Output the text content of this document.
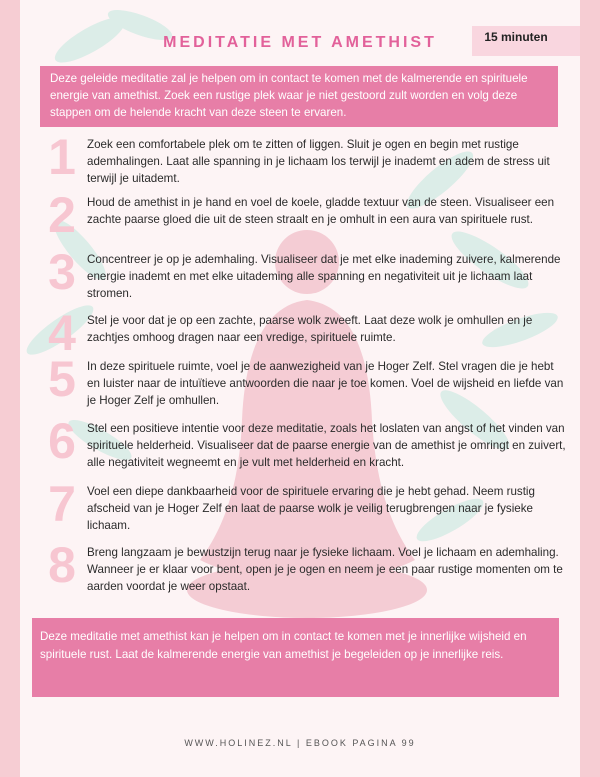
MEDITATIE MET AMETHIST	15 minuten
Deze geleide meditatie zal je helpen om in contact te komen met de kalmerende en spirituele energie van amethist. Zoek een rustige plek waar je niet gestoord zult worden en volg deze stappen om de helende kracht van deze steen te ervaren.
1 Zoek een comfortabele plek om te zitten of liggen. Sluit je ogen en begin met rustige ademhalingen. Laat alle spanning in je lichaam los terwijl je inademt en adem de stress uit terwijl je uitademt.
2 Houd de amethist in je hand en voel de koele, gladde textuur van de steen. Visualiseer een zachte paarse gloed die uit de steen straalt en je omhult in een aura van spirituele rust.
3 Concentreer je op je ademhaling. Visualiseer dat je met elke inademing zuivere, kalmerende energie inademt en met elke uitademing alle spanning en negativiteit uit je lichaam laat stromen.
4 Stel je voor dat je op een zachte, paarse wolk zweeft. Laat deze wolk je omhullen en je zachtjes omhoog dragen naar een vredige, spirituele ruimte.
5 In deze spirituele ruimte, voel je de aanwezigheid van je Hoger Zelf. Stel vragen die je hebt en luister naar de intuïtieve antwoorden die naar je toe komen. Voel de wijsheid en liefde van je Hoger Zelf je omhullen.
6 Stel een positieve intentie voor deze meditatie, zoals het loslaten van angst of het vinden van spirituele helderheid. Visualiseer dat de paarse energie van de amethist je omringt en zuivert, alle negativiteit wegneemt en je vult met helderheid en kracht.
7 Voel een diepe dankbaarheid voor de spirituele ervaring die je hebt gehad. Neem rustig afscheid van je Hoger Zelf en laat de paarse wolk je veilig terugbrengen naar je fysieke lichaam.
8 Breng langzaam je bewustzijn terug naar je fysieke lichaam. Voel je lichaam en ademhaling. Wanneer je er klaar voor bent, open je je ogen en neem je een paar rustige momenten om te aarden voordat je weer opstaat.
Deze meditatie met amethist kan je helpen om in contact te komen met je innerlijke wijsheid en spirituele rust. Laat de kalmerende energie van amethist je begeleiden op je innerlijke reis.
WWW.HOLINEZ.NL | EBOOK PAGINA 99
